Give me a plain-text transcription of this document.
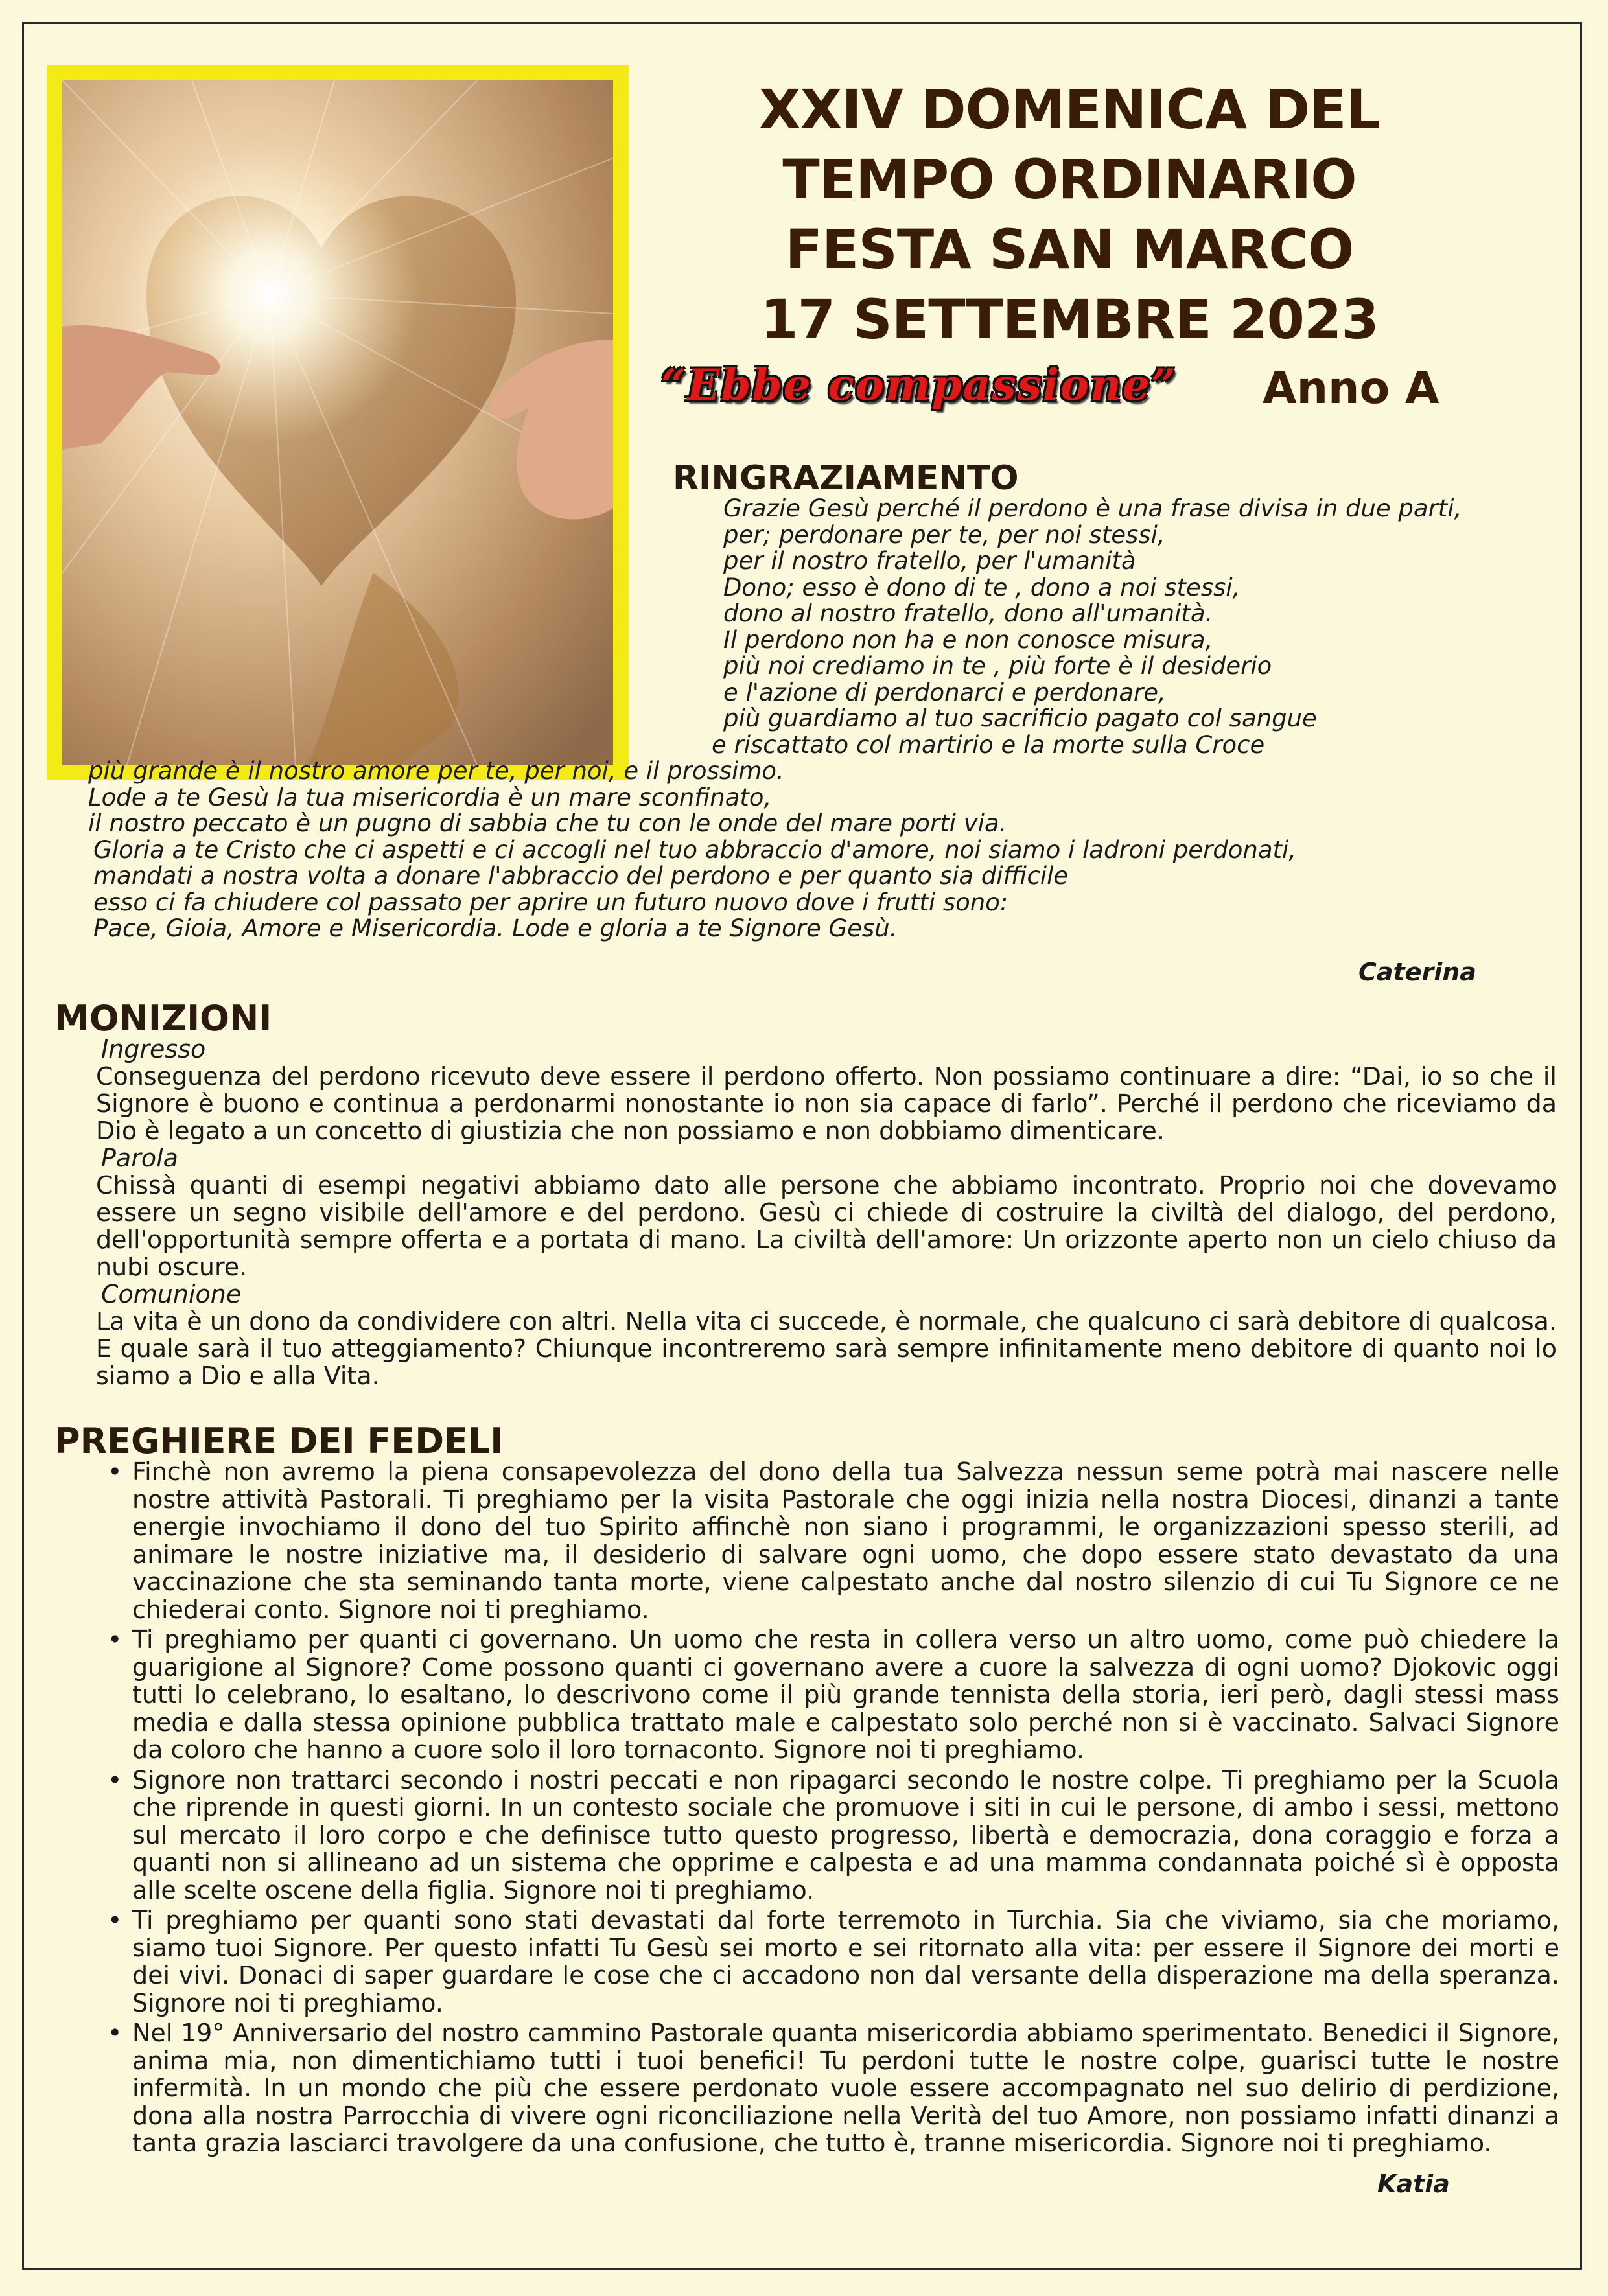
XXIV DOMENICA DEL
TEMPO ORDINARIO
FESTA SAN MARCO
17 SETTEMBRE 2023
“Ebbe compassione” Anno A
RINGRAZIAMENTO
Grazie Gesù perché il perdono è una frase divisa in due parti,
per; perdonare per te, per noi stessi,
per il nostro fratello, per l'umanità
Dono; esso è dono di te , dono a noi stessi,
dono al nostro fratello, dono all'umanità.
Il perdono non ha e non conosce misura,
più noi crediamo in te , più forte è il desiderio
e l'azione di perdonarci e perdonare,
più guardiamo al tuo sacrificio pagato col sangue
e riscattato col martirio e la morte sulla Croce
più grande è il nostro amore per te, per noi, e il prossimo.
Lode a te Gesù la tua misericordia è un mare sconfinato,
il nostro peccato è un pugno di sabbia che tu con le onde del mare porti via.
Gloria a te Cristo che ci aspetti e ci accogli nel tuo abbraccio d'amore, noi siamo i ladroni perdonati,
mandati a nostra volta a donare l'abbraccio del perdono e per quanto sia difficile
esso ci fa chiudere col passato per aprire un futuro nuovo dove i frutti sono:
Pace, Gioia, Amore e Misericordia. Lode e gloria a te Signore Gesù.
Caterina
MONIZIONI
Ingresso

Conseguenza del perdono ricevuto deve essere il perdono offerto. Non possiamo continuare a dire: “Dai, io so che il Signore è buono e continua a perdonarmi nonostante io non sia capace di farlo”. Perché il perdono che riceviamo da Dio è legato a un concetto di giustizia che non possiamo e non dobbiamo dimenticare.

Parola

Chissà quanti di esempi negativi abbiamo dato alle persone che abbiamo incontrato. Proprio noi che dovevamo essere un segno visibile dell'amore e del perdono. Gesù ci chiede di costruire la civiltà del dialogo, del perdono, dell'opportunità sempre offerta e a portata di mano. La civiltà dell'amore: Un orizzonte aperto non un cielo chiuso da nubi oscure.

Comunione

La vita è un dono da condividere con altri. Nella vita ci succede, è normale, che qualcuno ci sarà debitore di qualcosa. E quale sarà il tuo atteggiamento? Chiunque incontreremo sarà sempre infinitamente meno debitore di quanto noi lo siamo a Dio e alla Vita.

PREGHIERE DEI FEDELI
• Finchè non avremo la piena consapevolezza del dono della tua Salvezza nessun seme potrà mai nascere nelle nostre attività Pastorali. Ti preghiamo per la visita Pastorale che oggi inizia nella nostra Diocesi, dinanzi a tante energie invochiamo il dono del tuo Spirito affinchè non siano i programmi, le organizzazioni spesso sterili, ad animare le nostre iniziative ma, il desiderio di salvare ogni uomo, che dopo essere stato devastato da una vaccinazione che sta seminando tanta morte, viene calpestato anche dal nostro silenzio di cui Tu Signore ce ne chiederai conto. Signore noi ti preghiamo.
• Ti preghiamo per quanti ci governano. Un uomo che resta in collera verso un altro uomo, come può chiedere la guarigione al Signore? Come possono quanti ci governano avere a cuore la salvezza di ogni uomo? Djokovic oggi tutti lo celebrano, lo esaltano, lo descrivono come il più grande tennista della storia, ieri però, dagli stessi mass media e dalla stessa opinione pubblica trattato male e calpestato solo perché non si è vaccinato. Salvaci Signore da coloro che hanno a cuore solo il loro tornaconto. Signore noi ti preghiamo.
• Signore non trattarci secondo i nostri peccati e non ripagarci secondo le nostre colpe. Ti preghiamo per la Scuola che riprende in questi giorni. In un contesto sociale che promuove i siti in cui le persone, di ambo i sessi, mettono sul mercato il loro corpo e che definisce tutto questo progresso, libertà e democrazia, dona coraggio e forza a quanti non si allineano ad un sistema che opprime e calpesta e ad una mamma condannata poiché sì è opposta alle scelte oscene della figlia. Signore noi ti preghiamo.
• Ti preghiamo per quanti sono stati devastati dal forte terremoto in Turchia. Sia che viviamo, sia che moriamo, siamo tuoi Signore. Per questo infatti Tu Gesù sei morto e sei ritornato alla vita: per essere il Signore dei morti e dei vivi. Donaci di saper guardare le cose che ci accadono non dal versante della disperazione ma della speranza. Signore noi ti preghiamo.
• Nel 19° Anniversario del nostro cammino Pastorale quanta misericordia abbiamo sperimentato. Benedici il Signore, anima mia, non dimentichiamo tutti i tuoi benefici! Tu perdoni tutte le nostre colpe, guarisci tutte le nostre infermità. In un mondo che più che essere perdonato vuole essere accompagnato nel suo delirio di perdizione, dona alla nostra Parrocchia di vivere ogni riconciliazione nella Verità del tuo Amore, non possiamo infatti dinanzi a tanta grazia lasciarci travolgere da una confusione, che tutto è, tranne misericordia. Signore noi ti preghiamo.
Katia
